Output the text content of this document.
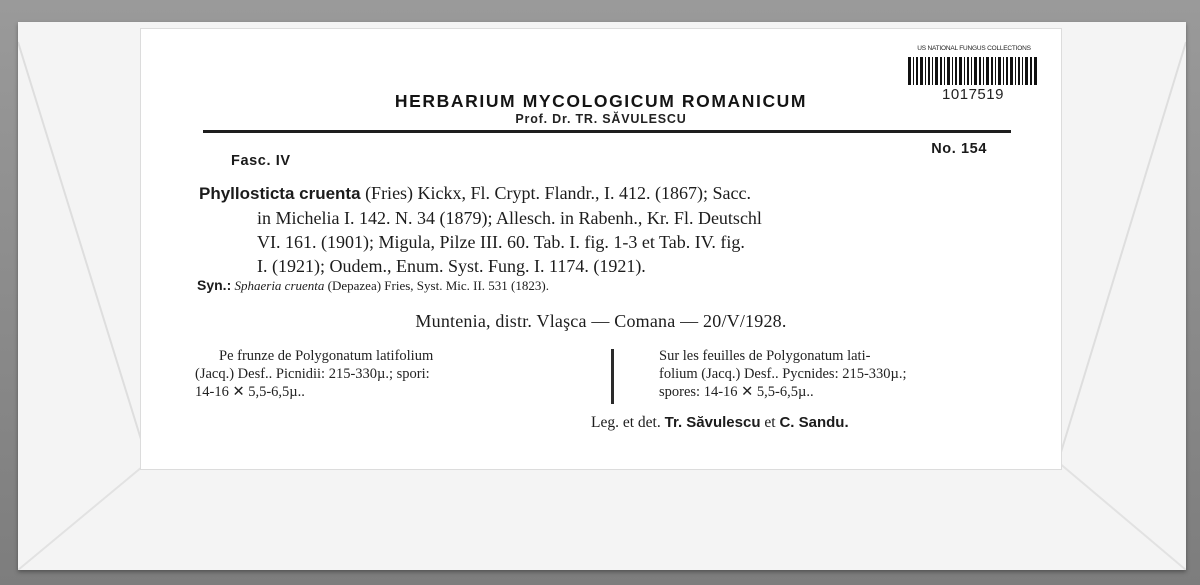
US NATIONAL FUNGUS COLLECTIONS
1017519
HERBARIUM MYCOLOGICUM ROMANICUM
Prof. Dr. TR. SĂVULESCU
Fasc. IV
No. 154
Phyllosticta cruenta (Fries) Kickx, Fl. Crypt. Flandr., I. 412. (1867); Sacc.
in Michelia I. 142. N. 34 (1879); Allesch. in Rabenh., Kr. Fl. Deutschl
VI. 161. (1901); Migula, Pilze III. 60. Tab. I. fig. 1-3 et Tab. IV. fig.
I. (1921); Oudem., Enum. Syst. Fung. I. 1174. (1921).
Syn.: Sphaeria cruenta (Depazea) Fries, Syst. Mic. II. 531 (1823).
Muntenia, distr. Vlaşca — Comana — 20/V/1928.
Pe frunze de Polygonatum latifolium
(Jacq.) Desf.. Picnidii: 215-330µ.; spori:
14-16 ✕ 5,5-6,5µ..
Sur les feuilles de Polygonatum lati-
folium (Jacq.) Desf.. Pycnides: 215-330µ.;
spores: 14-16 ✕ 5,5-6,5µ..
Leg. et det. Tr. Săvulescu et C. Sandu.
